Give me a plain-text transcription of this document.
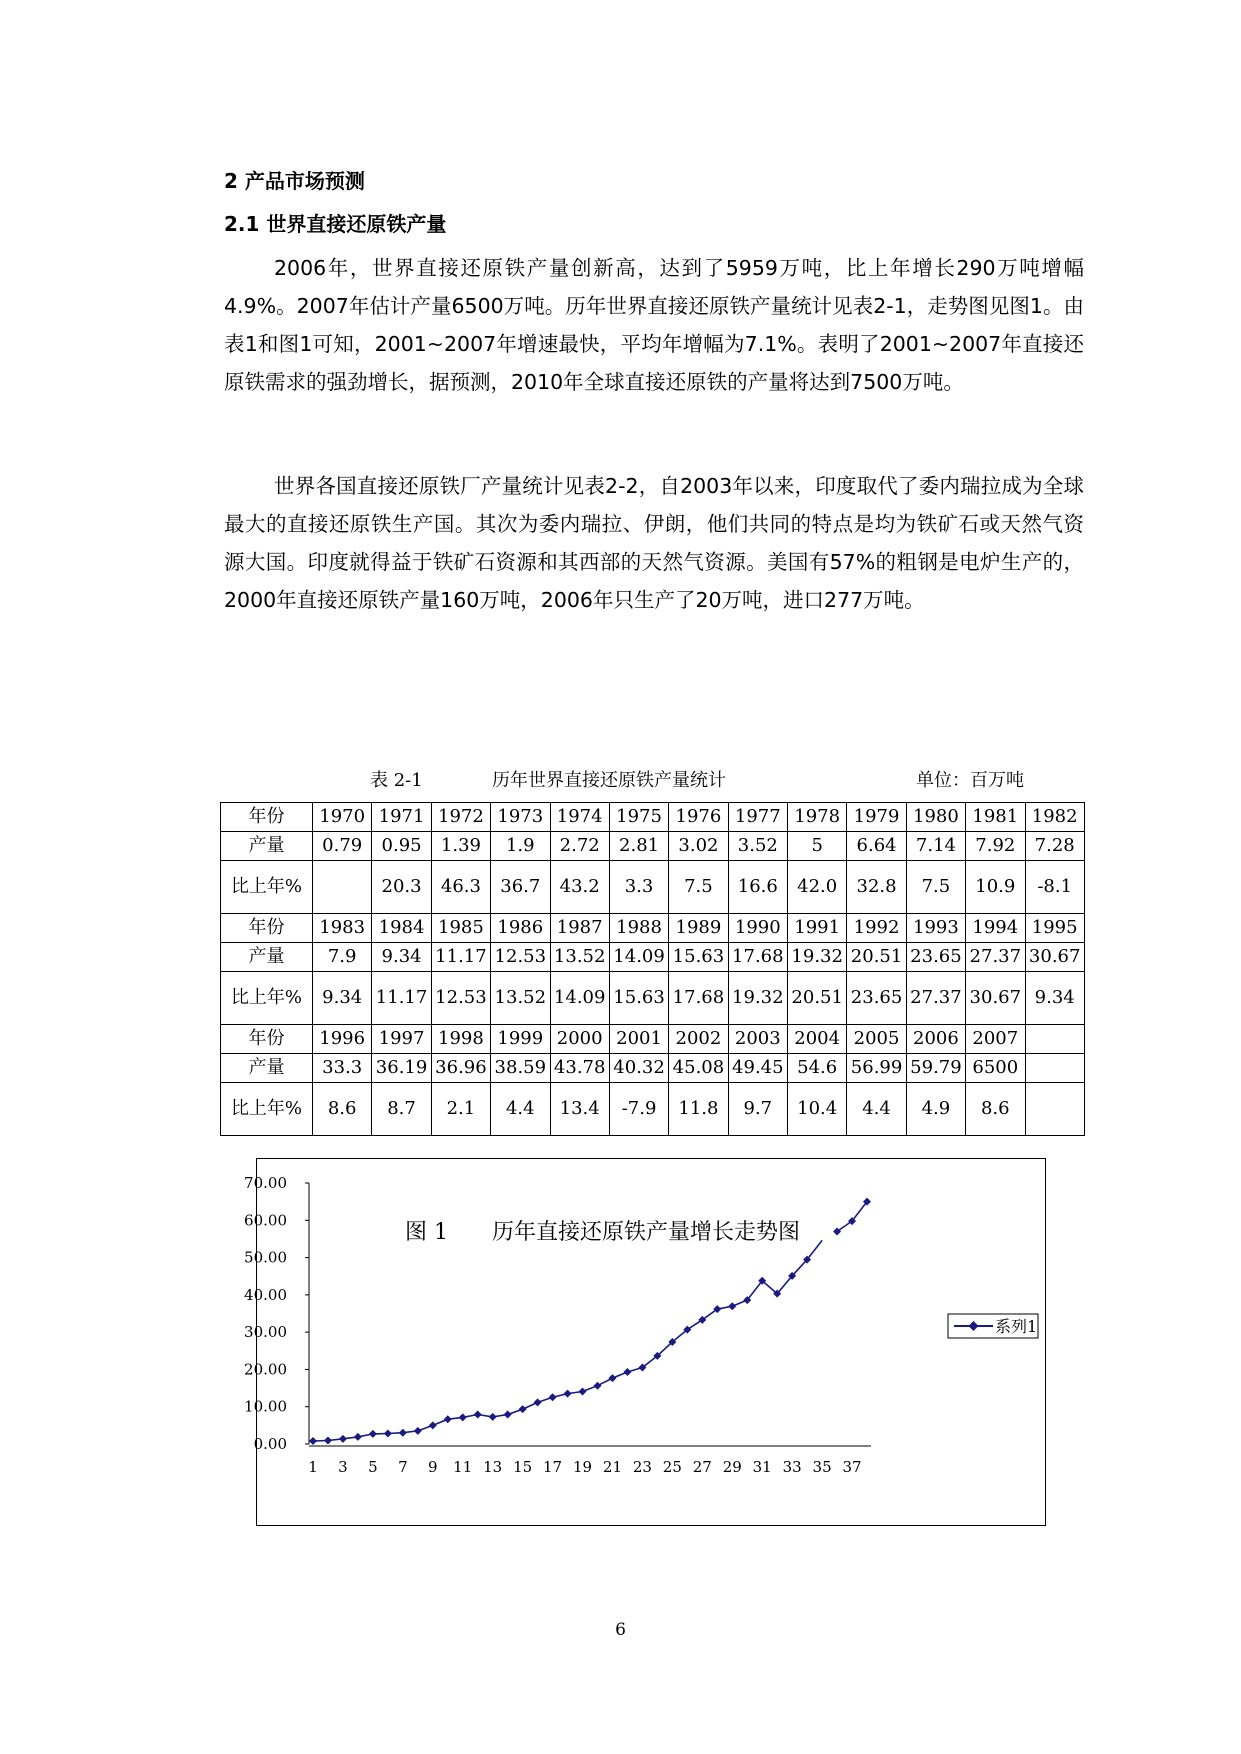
2 产品市场预测
2.1 世界直接还原铁产量
2006年，世界直接还原铁产量创新高，达到了5959万吨，比上年增长290万吨增幅4.9%。2007年估计产量6500万吨。历年世界直接还原铁产量统计见表2-1，走势图见图1。由表1和图1可知，2001~2007年增速最快，平均年增幅为7.1%。表明了2001~2007年直接还原铁需求的强劲增长，据预测，2010年全球直接还原铁的产量将达到7500万吨。
世界各国直接还原铁厂产量统计见表2-2，自2003年以来，印度取代了委内瑞拉成为全球最大的直接还原铁生产国。其次为委内瑞拉、伊朗，他们共同的特点是均为铁矿石或天然气资源大国。印度就得益于铁矿石资源和其西部的天然气资源。美国有57%的粗钢是电炉生产的，2000年直接还原铁产量160万吨，2006年只生产了20万吨，进口277万吨。
表 2-1	历年世界直接还原铁产量统计	单位：百万吨
年份	1970	1971	1972	1973	1974	1975	1976	1977	1978	1979	1980	1981	1982
产量	0.79	0.95	1.39	1.9	2.72	2.81	3.02	3.52	5	6.64	7.14	7.92	7.28
比上年%		20.3	46.3	36.7	43.2	3.3	7.5	16.6	42.0	32.8	7.5	10.9	-8.1
年份	1983	1984	1985	1986	1987	1988	1989	1990	1991	1992	1993	1994	1995
产量	7.9	9.34	11.17	12.53	13.52	14.09	15.63	17.68	19.32	20.51	23.65	27.37	30.67
比上年%	9.34	11.17	12.53	13.52	14.09	15.63	17.68	19.32	20.51	23.65	27.37	30.67	9.34
年份	1996	1997	1998	1999	2000	2001	2002	2003	2004	2005	2006	2007	
产量	33.3	36.19	36.96	38.59	43.78	40.32	45.08	49.45	54.6	56.99	59.79	6500	
比上年%	8.6	8.7	2.1	4.4	13.4	-7.9	11.8	9.7	10.4	4.4	4.9	8.6	
0.00
10.00
20.00
30.00
40.00
50.00
60.00
70.00
1 3 5 7 9 11 13 15 17 19 21 23 25 27 29 31 33 35 37
图 1　　历年直接还原铁产量增长走势图
系列1
6
